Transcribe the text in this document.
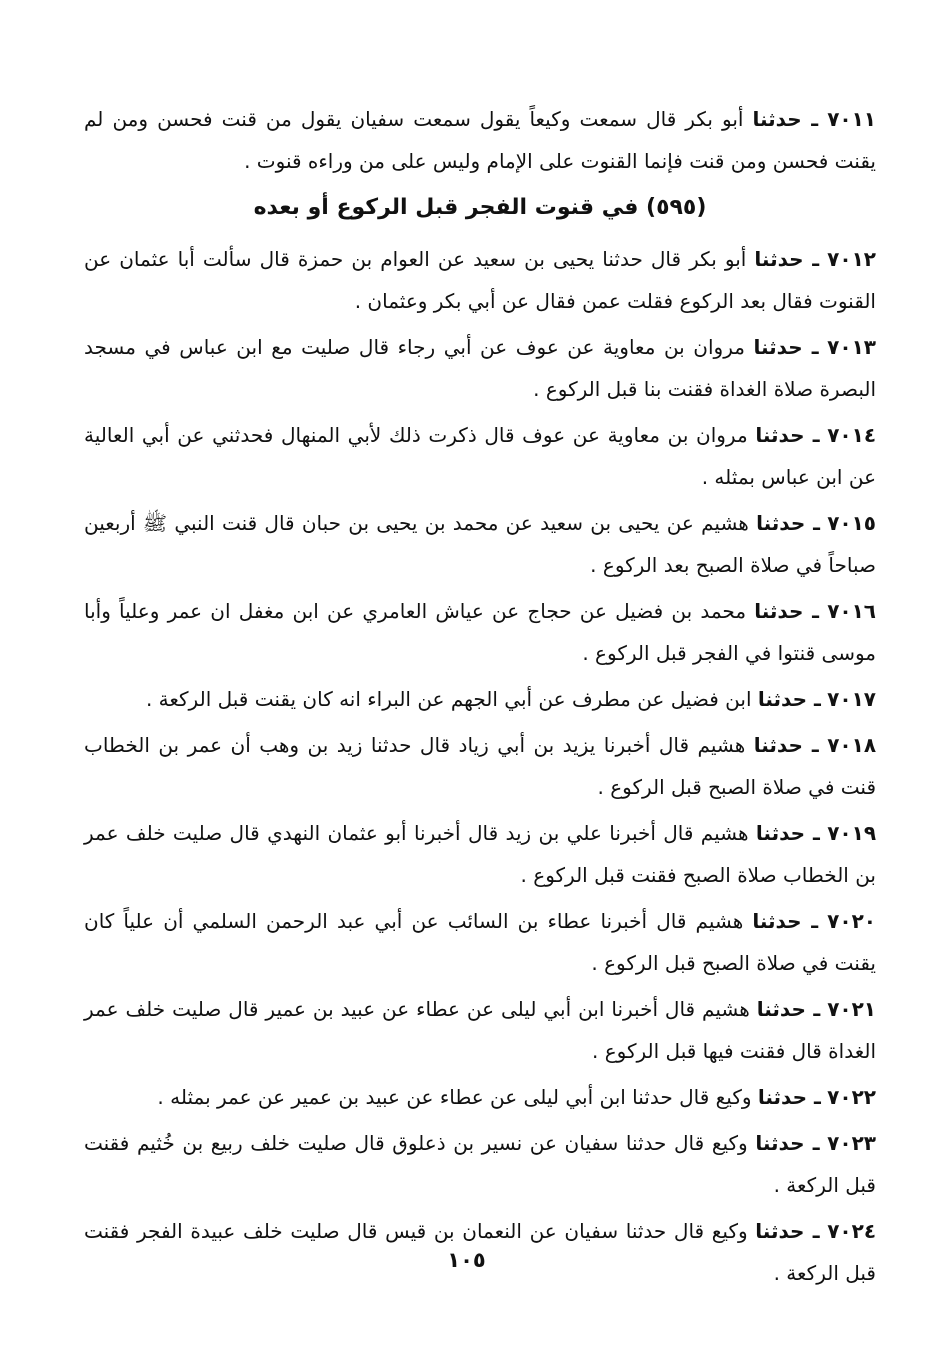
٧٠١١ ـ حدثنا أبو بكر قال سمعت وكيعاً يقول سمعت سفيان يقول من قنت فحسن ومن لم يقنت فحسن ومن قنت فإنما القنوت على الإمام وليس على من وراءه قنوت .

(٥٩٥) في قنوت الفجر قبل الركوع أو بعده

٧٠١٢ ـ حدثنا أبو بكر قال حدثنا يحيى بن سعيد عن العوام بن حمزة قال سألت أبا عثمان عن القنوت فقال بعد الركوع فقلت عمن فقال عن أبي بكر وعثمان .

٧٠١٣ ـ حدثنا مروان بن معاوية عن عوف عن أبي رجاء قال صليت مع ابن عباس في مسجد البصرة صلاة الغداة فقنت بنا قبل الركوع .

٧٠١٤ ـ حدثنا مروان بن معاوية عن عوف قال ذكرت ذلك لأبي المنهال فحدثني عن أبي العالية عن ابن عباس بمثله .

٧٠١٥ ـ حدثنا هشيم عن يحيى بن سعيد عن محمد بن يحيى بن حبان قال قنت النبي ﷺ أربعين صباحاً في صلاة الصبح بعد الركوع .

٧٠١٦ ـ حدثنا محمد بن فضيل عن حجاج عن عياش العامري عن ابن مغفل ان عمر وعلياً وأبا موسى قنتوا في الفجر قبل الركوع .

٧٠١٧ ـ حدثنا ابن فضيل عن مطرف عن أبي الجهم عن البراء انه كان يقنت قبل الركعة .

٧٠١٨ ـ حدثنا هشيم قال أخبرنا يزيد بن أبي زياد قال حدثنا زيد بن وهب أن عمر بن الخطاب قنت في صلاة الصبح قبل الركوع .

٧٠١٩ ـ حدثنا هشيم قال أخبرنا علي بن زيد قال أخبرنا أبو عثمان النهدي قال صليت خلف عمر بن الخطاب صلاة الصبح فقنت قبل الركوع .

٧٠٢٠ ـ حدثنا هشيم قال أخبرنا عطاء بن السائب عن أبي عبد الرحمن السلمي أن علياً كان يقنت في صلاة الصبح قبل الركوع .

٧٠٢١ ـ حدثنا هشيم قال أخبرنا ابن أبي ليلى عن عطاء عن عبيد بن عمير قال صليت خلف عمر الغداة قال فقنت فيها قبل الركوع .

٧٠٢٢ ـ حدثنا وكيع قال حدثنا ابن أبي ليلى عن عطاء عن عبيد بن عمير عن عمر بمثله .

٧٠٢٣ ـ حدثنا وكيع قال حدثنا سفيان عن نسير بن ذعلوق قال صليت خلف ربيع بن خُثيم فقنت قبل الركعة .

٧٠٢٤ ـ حدثنا وكيع قال حدثنا سفيان عن النعمان بن قيس قال صليت خلف عبيدة الفجر فقنت قبل الركعة .

١٠٥
